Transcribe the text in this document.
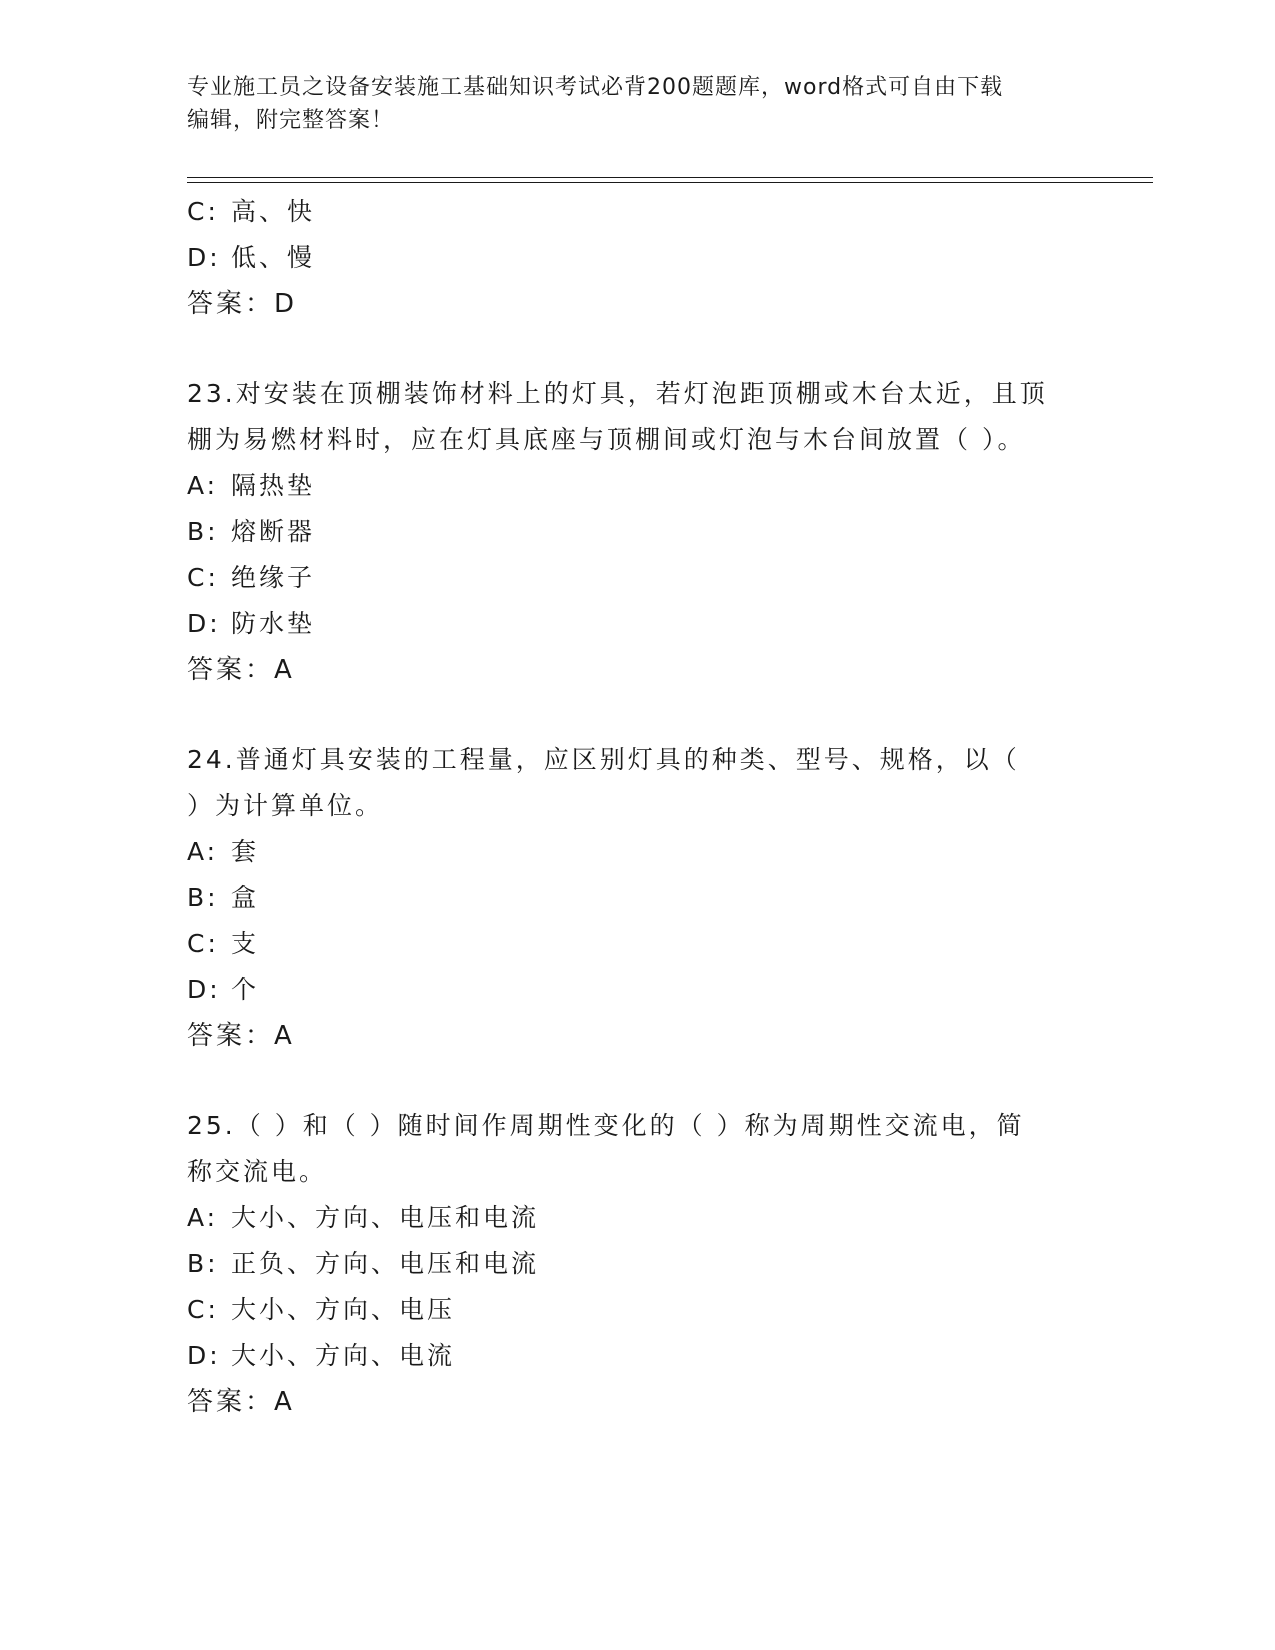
专业施工员之设备安装施工基础知识考试必背200题题库，word格式可自由下载
编辑，附完整答案！
C: 高、快
D: 低、慢
答案：D
23.对安装在顶棚装饰材料上的灯具，若灯泡距顶棚或木台太近，且顶
棚为易燃材料时，应在灯具底座与顶棚间或灯泡与木台间放置（ ）。
A: 隔热垫
B: 熔断器
C: 绝缘子
D: 防水垫
答案：A
24.普通灯具安装的工程量，应区别灯具的种类、型号、规格，以（
）为计算单位。
A: 套
B: 盒
C: 支
D: 个
答案：A
25.（ ）和（ ）随时间作周期性变化的（ ）称为周期性交流电，简
称交流电。
A: 大小、方向、电压和电流
B: 正负、方向、电压和电流
C: 大小、方向、电压
D: 大小、方向、电流
答案：A
